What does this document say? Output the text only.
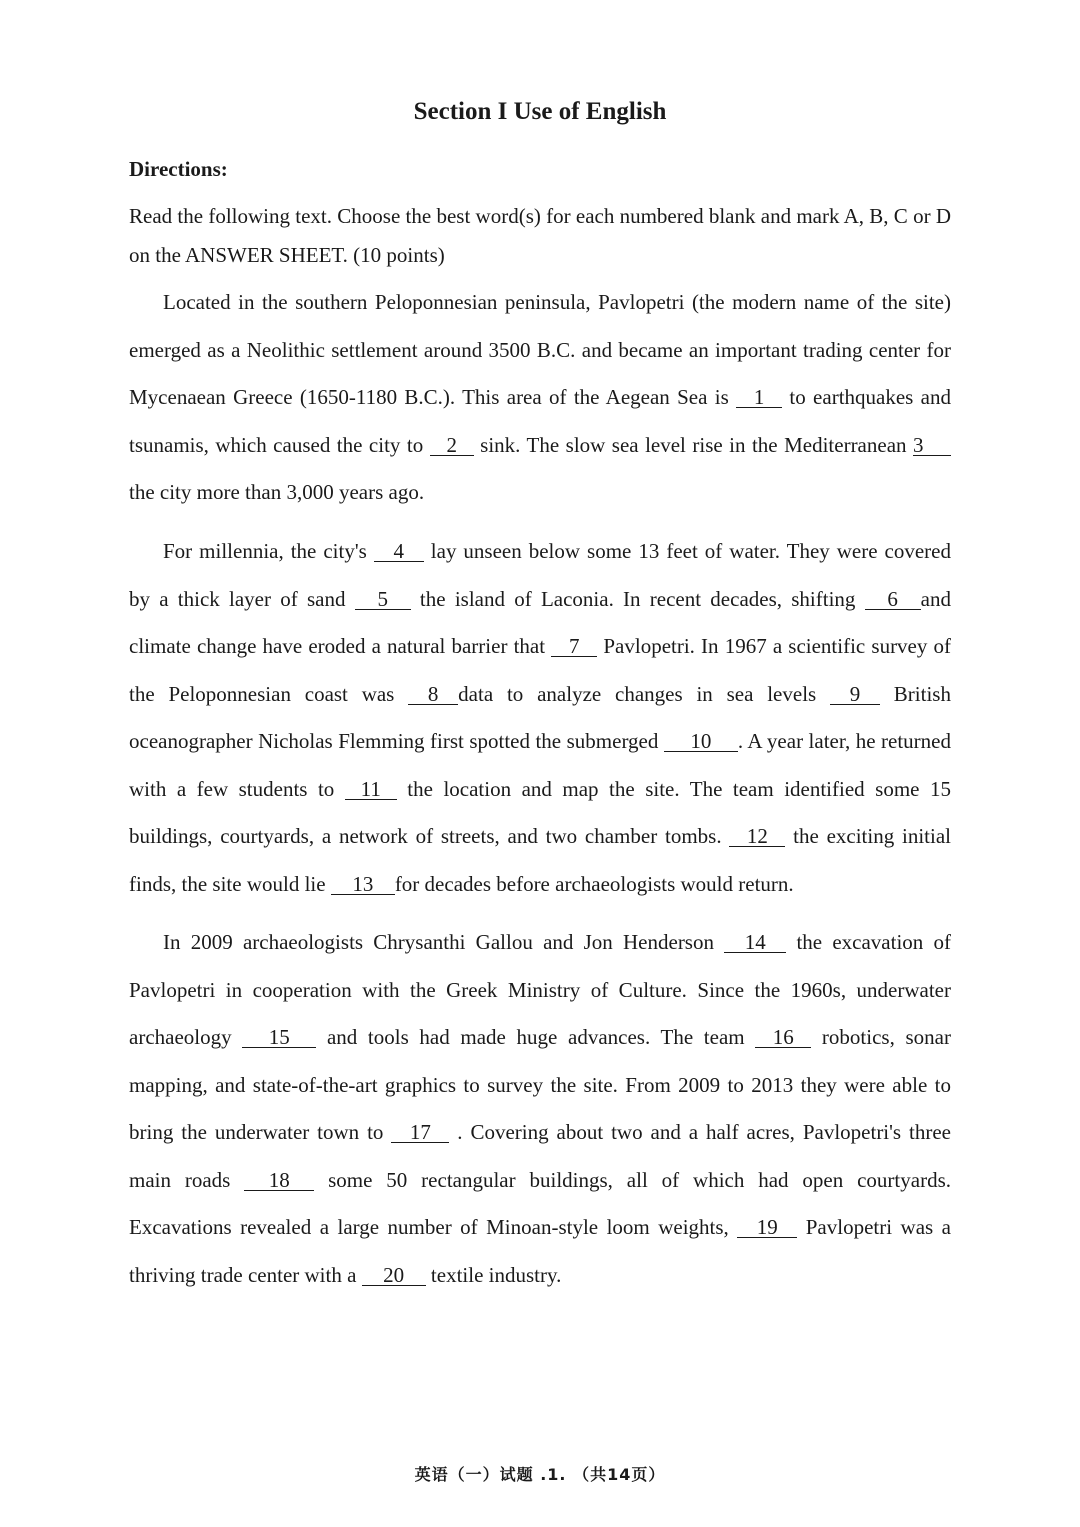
Section I Use of English

Directions:

Read the following text. Choose the best word(s) for each numbered blank and mark A, B, C or D on the ANSWER SHEET. (10 points)

Located in the southern Peloponnesian peninsula, Pavlopetri (the modern name of the site) emerged as a Neolithic settlement around 3500 B.C. and became an important trading center for Mycenaean Greece (1650-1180 B.C.). This area of the Aegean Sea is 1 to earthquakes and tsunamis, which caused the city to 2 sink. The slow sea level rise in the Mediterranean 3the city more than 3,000 years ago.

For millennia, the city's 4 lay unseen below some 13 feet of water. They were covered by a thick layer of sand 5 the island of Laconia. In recent decades, shifting 6 and climate change have eroded a natural barrier that 7 Pavlopetri. In 1967 a scientific survey of the Peloponnesian coast was 8 data to analyze changes in sea levels 9 British oceanographer Nicholas Flemming first spotted the submerged 10 . A year later, he returned with a few students to 11 the location and map the site. The team identified some 15 buildings, courtyards, a network of streets, and two chamber tombs. 12 the exciting initial finds, the site would lie 13 for decades before archaeologists would return.

In 2009 archaeologists Chrysanthi Gallou and Jon Henderson 14 the excavation of Pavlopetri in cooperation with the Greek Ministry of Culture. Since the 1960s, underwater archaeology 15 and tools had made huge advances. The team 16 robotics, sonar mapping, and state-of-the-art graphics to survey the site. From 2009 to 2013 they were able to bring the underwater town to 17 . Covering about two and a half acres, Pavlopetri's three main roads 18 some 50 rectangular buildings, all of which had open courtyards. Excavations revealed a large number of Minoan-style loom weights, 19 Pavlopetri was a thriving trade center with a 20 textile industry.

英语（一）试题 .1. （共14页）
